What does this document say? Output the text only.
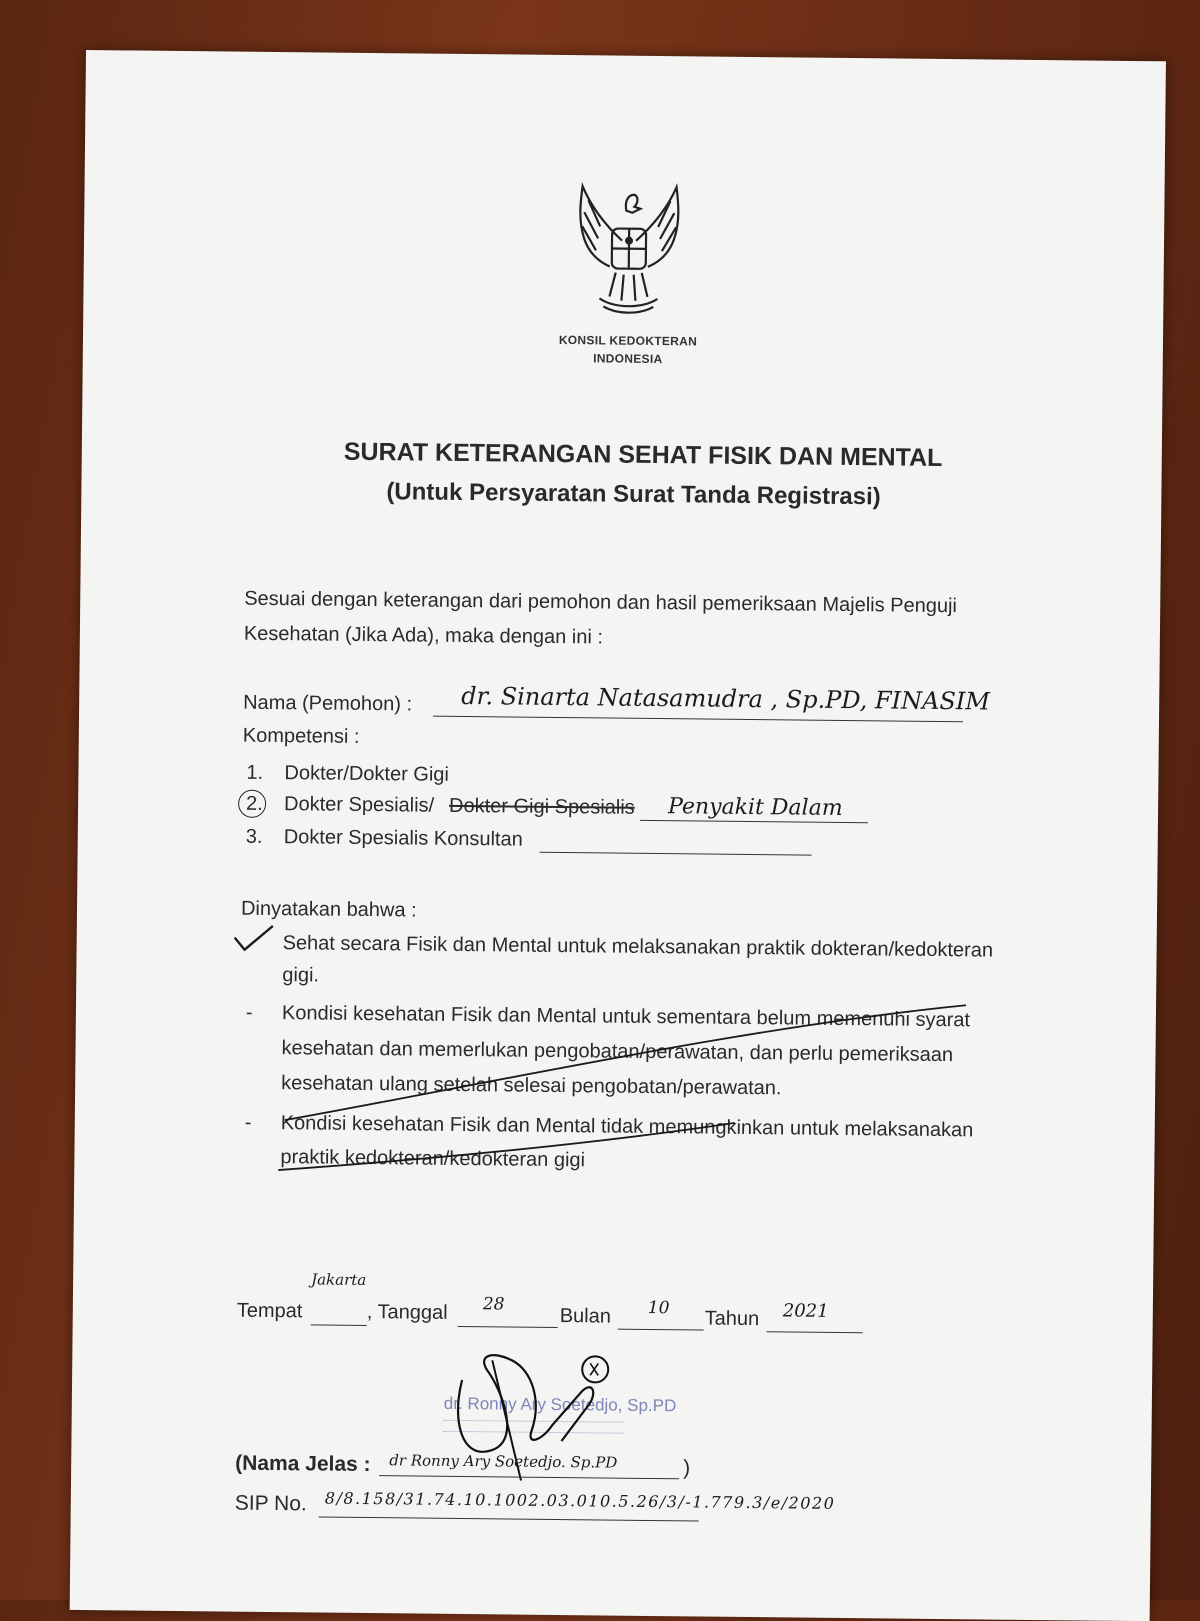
KONSIL KEDOKTERAN
INDONESIA
SURAT KETERANGAN SEHAT FISIK DAN MENTAL
(Untuk Persyaratan Surat Tanda Registrasi)
Sesuai dengan keterangan dari pemohon dan hasil pemeriksaan Majelis Penguji
Kesehatan (Jika Ada), maka dengan ini :
Nama (Pemohon) : dr. Sinarta Natasamudra , Sp.PD, FINASIM
Kompetensi :
1. Dokter/Dokter Gigi
2. Dokter Spesialis/ Dokter Gigi Spesialis Penyakit Dalam
3. Dokter Spesialis Konsultan
Dinyatakan bahwa :
Sehat secara Fisik dan Mental untuk melaksanakan praktik dokteran/kedokteran
gigi.
- Kondisi kesehatan Fisik dan Mental untuk sementara belum memenuhi syarat
kesehatan dan memerlukan pengobatan/perawatan, dan perlu pemeriksaan
kesehatan ulang setelah selesai pengobatan/perawatan.
- Kondisi kesehatan Fisik dan Mental tidak memungkinkan untuk melaksanakan
praktik kedokteran/kedokteran gigi
Tempat
Jakarta
, Tanggal 28
Bulan 10 Tahun 2021
dr. Ronny Ary Soetedjo, Sp.PD
(Nama Jelas : dr Ronny Ary Soetedjo. Sp.PD	)
SIP No. 8/8.158/31.74.10.1002.03.010.5.26/3/-1.779.3/e/2020
